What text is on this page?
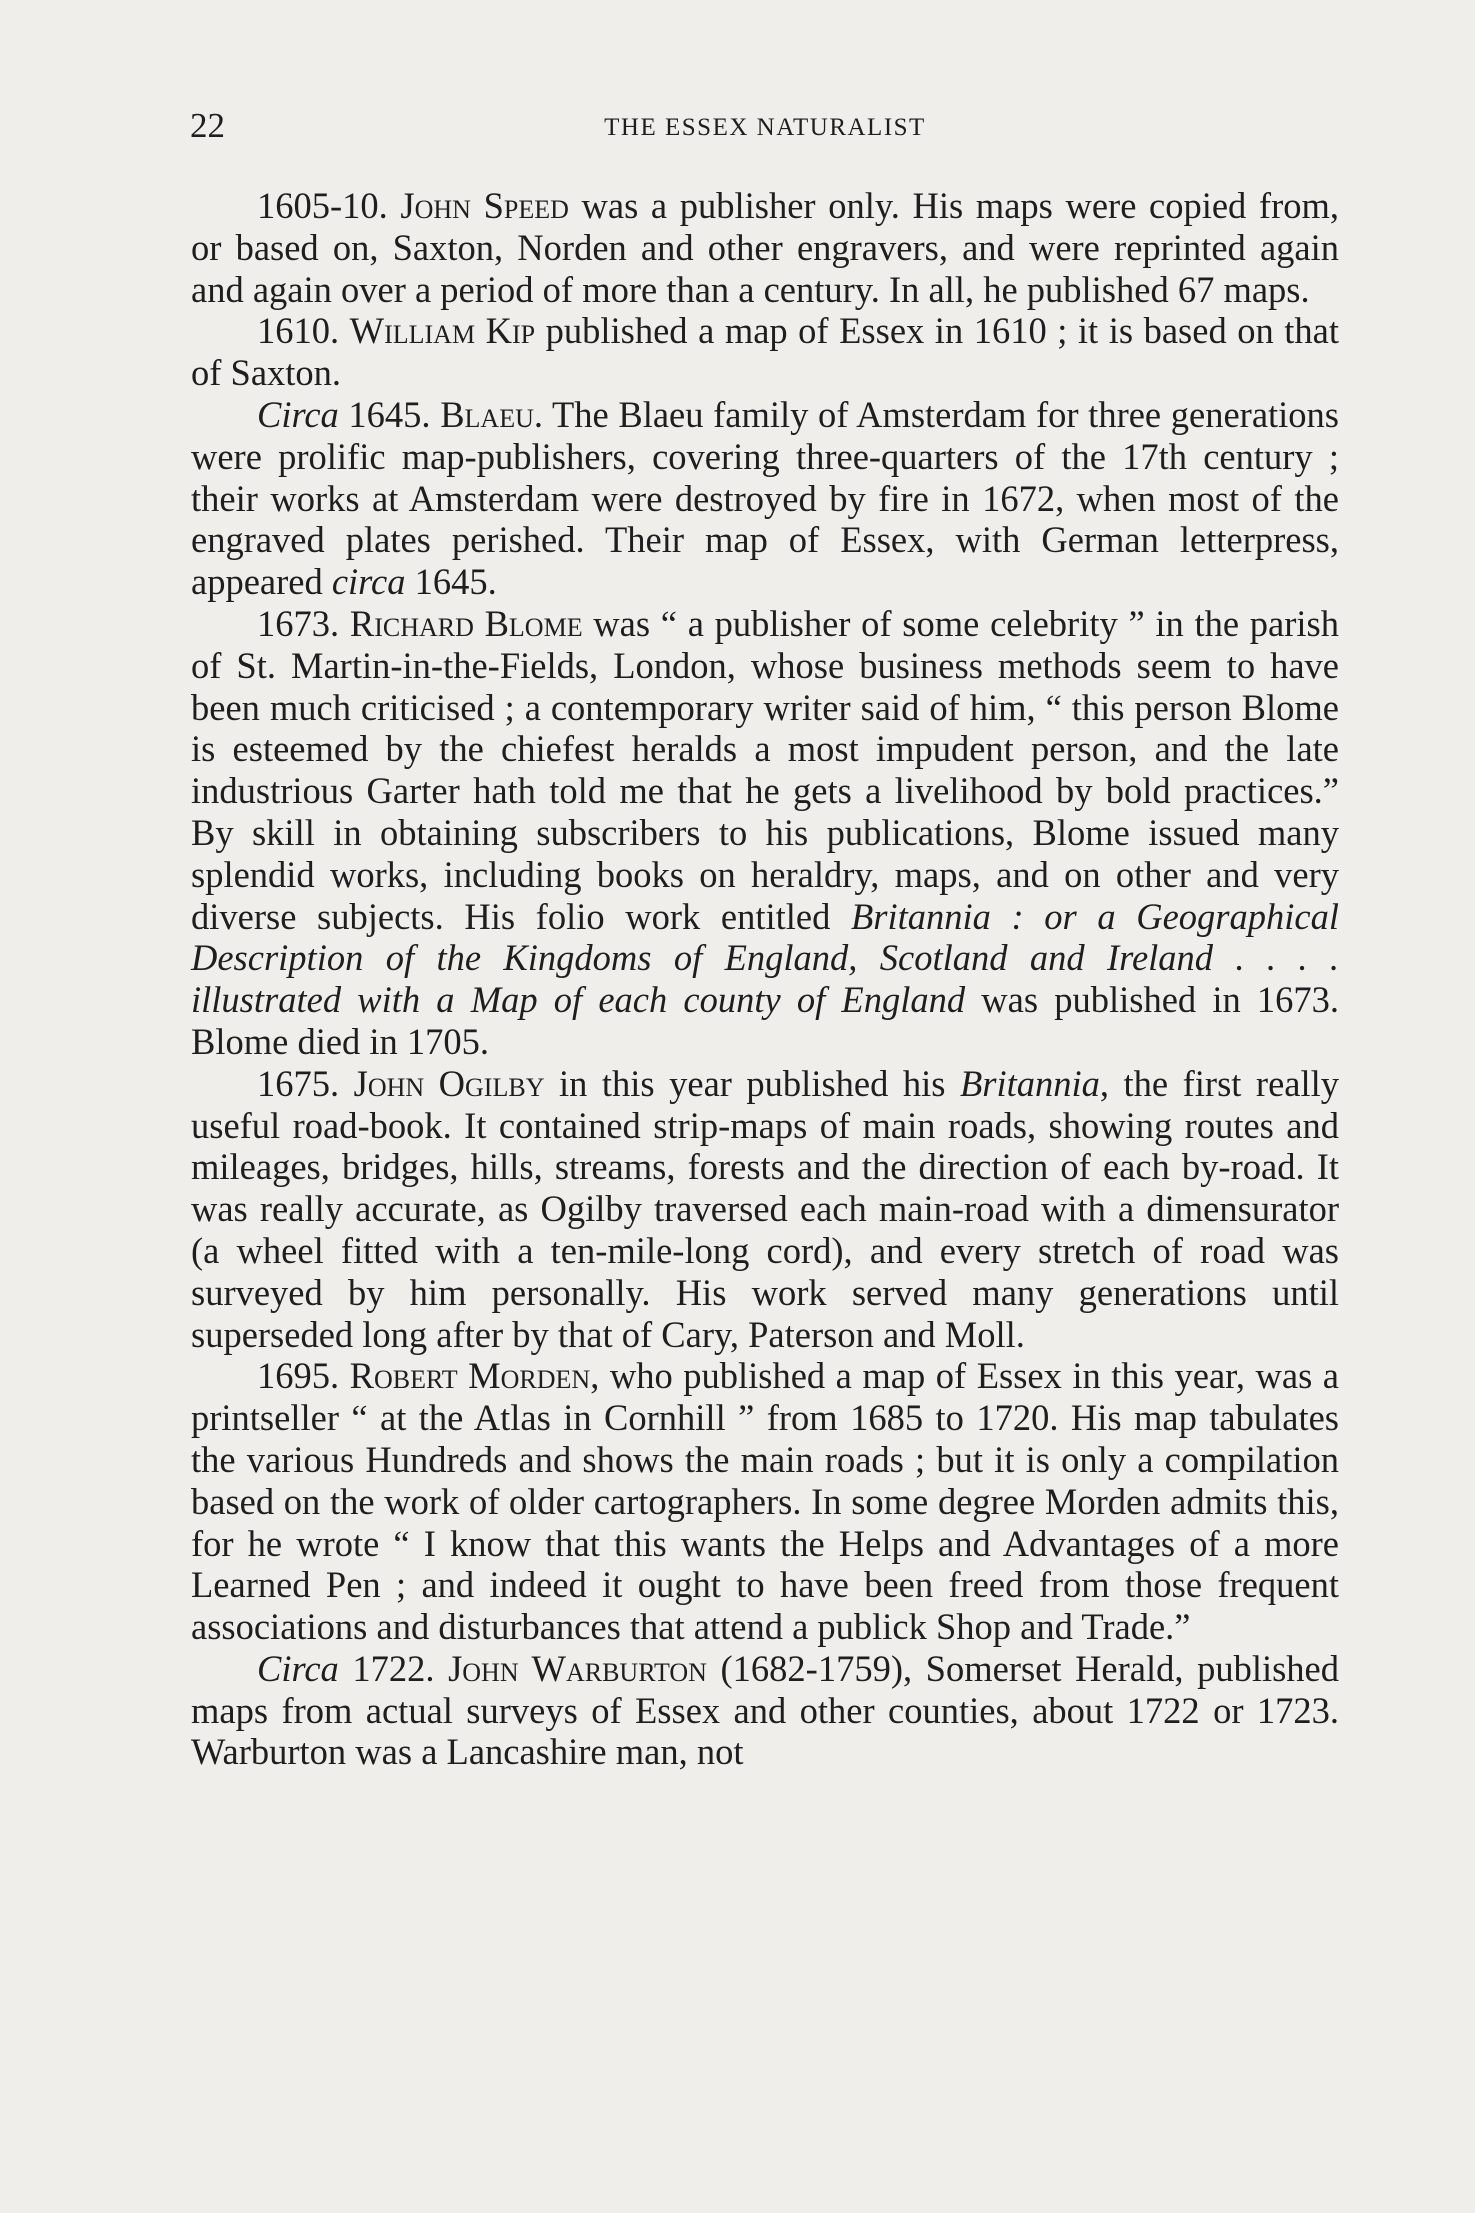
22	THE ESSEX NATURALIST

1605-10. John Speed was a publisher only. His maps were copied from, or based on, Saxton, Norden and other engravers, and were reprinted again and again over a period of more than a century. In all, he published 67 maps.

1610. William Kip published a map of Essex in 1610 ; it is based on that of Saxton.

Circa 1645. Blaeu. The Blaeu family of Amsterdam for three generations were prolific map-publishers, covering three-quarters of the 17th century ; their works at Amsterdam were destroyed by fire in 1672, when most of the engraved plates perished. Their map of Essex, with German letterpress, appeared circa 1645.

1673. Richard Blome was “ a publisher of some celebrity ” in the parish of St. Martin-in-the-Fields, London, whose business methods seem to have been much criticised ; a contemporary writer said of him, “ this person Blome is esteemed by the chiefest heralds a most impudent person, and the late industrious Garter hath told me that he gets a livelihood by bold practices.” By skill in obtaining subscribers to his publications, Blome issued many splendid works, including books on heraldry, maps, and on other and very diverse subjects. His folio work entitled Britannia : or a Geographical Description of the Kingdoms of England, Scotland and Ireland . . . . illustrated with a Map of each county of England was published in 1673. Blome died in 1705.

1675. John Ogilby in this year published his Britannia, the first really useful road-book. It contained strip-maps of main roads, showing routes and mileages, bridges, hills, streams, forests and the direction of each by-road. It was really accurate, as Ogilby traversed each main-road with a dimensurator (a wheel fitted with a ten-mile-long cord), and every stretch of road was surveyed by him personally. His work served many generations until superseded long after by that of Cary, Paterson and Moll.

1695. Robert Morden, who published a map of Essex in this year, was a printseller “ at the Atlas in Cornhill ” from 1685 to 1720. His map tabulates the various Hundreds and shows the main roads ; but it is only a compilation based on the work of older cartographers. In some degree Morden admits this, for he wrote “ I know that this wants the Helps and Advantages of a more Learned Pen ; and indeed it ought to have been freed from those frequent associations and disturbances that attend a publick Shop and Trade.”

Circa 1722. John Warburton (1682-1759), Somerset Herald, published maps from actual surveys of Essex and other counties, about 1722 or 1723. Warburton was a Lancashire man, not
